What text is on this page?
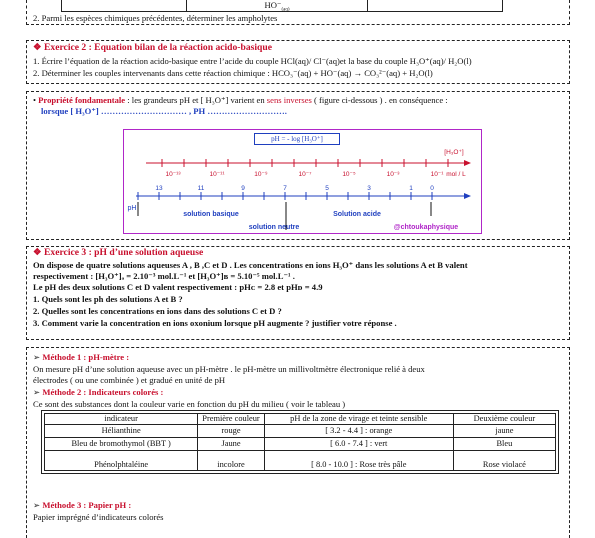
$HO^-_{(aq)}$
2. Parmi les espèces chimiques précédentes, déterminer les ampholytes
❖ Exercice 2 : Equation bilan de la réaction acido-basique
1. Écrire l’équation de la réaction acido-basique entre l’acide du couple HCl(aq)/ Cl⁻(aq)et la base du couple H₃O⁺(aq)/ H₂O(l)
2. Déterminer les couples intervenants dans cette réaction chimique : HCO₃⁻(aq) + HO⁻(aq) → CO₃²⁻(aq) + H₂O(l)
• Propriété fondamentale : les grandeurs pH et [ H₃O⁺] varient en sens inverses ( figure ci-dessous ) . en conséquence :
lorsque [ H₃O⁺] ………………………… , PH ……………………….
pH = - log [H₃O⁺]
10⁻¹³	10⁻¹¹	10⁻⁹	10⁻⁷	10⁻⁵	10⁻³	10⁻¹
[H₃O⁺]
mol / L
pH
13	11	9	7	5	3	1	0
solution basique	Solution acide
solution neutre	@chtoukaphysique
❖ Exercice 3 : pH d’une solution aqueuse
On dispose de quatre solutions aqueuses A , B ,C et D . Les concentrations en ions H₃O⁺ dans les solutions A et B valent
respectivement : [H₃O⁺]ₐ = 2.10⁻³ mol.L⁻¹ et [H₃O⁺]ʙ = 5.10⁻⁵ mol.L⁻¹ .
Le pH des deux solutions C et D valent respectivement : pHᴄ = 2.8 et pHᴅ = 4.9
1. Quels sont les ph des solutions A et B ?
2. Quelles sont les concentrations en ions dans des solutions C et D ?
3. Comment varie la concentration en ions oxonium lorsque pH augmente ? justifier votre réponse .
➢ Méthode 1 : pH-mètre :
On mesure pH d’une solution aqueuse avec un pH-mètre . le pH-mètre un millivoltmètre électronique relié à deux
électrodes ( ou une combinée ) et gradué en unité de pH
➢ Méthode 2 : Indicateurs colorés :
Ce sont des substances dont la couleur varie en fonction du pH du milieu ( voir le tableau )
indicateur	Première couleur	pH de la zone de virage et teinte sensible	Deuxième couleur
Hélianthine	rouge	[ 3.2 - 4.4 ] : orange	jaune
Bleu de bromothymol (BBT )	Jaune	[ 6.0 - 7.4 ] : vert	Bleu
Phénolphtaléine	incolore	[ 8.0 - 10.0 ] : Rose très pâle	Rose violacé
➢ Méthode 3 : Papier pH :
Papier imprégné d’indicateurs colorés
